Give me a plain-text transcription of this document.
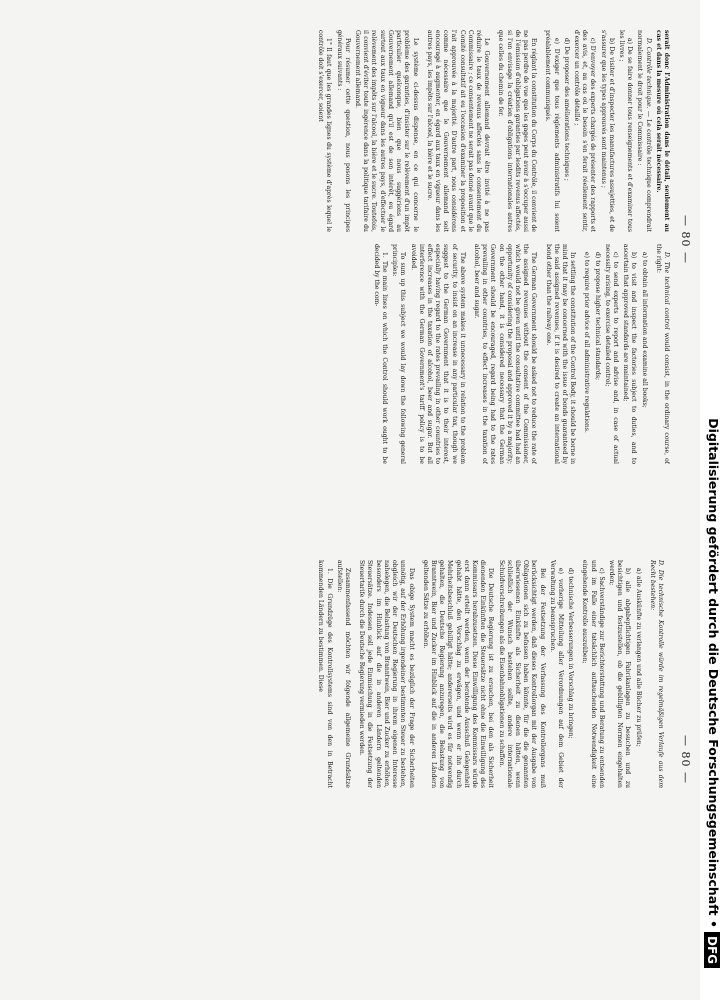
— 80 —
— 80 —

serait donc l'Administration dans le détail, seulement au cas et dans la mesure où cela serait nécessaire.

D. Contrôle technique. — Le contrôle technique comprendrait normalement le droit pour le Commissaire :

a) De se faire donner tous renseignements et d'examiner tous les livres ;

b) De visiter et d'inspecter les manufactures assujetties, et de s'assurer que les types approuvés sont maintenus ;

c) D'envoyer des experts chargés de présenter des rapports et des avis, et, au cas où le besoin s'en ferait réellement sentir, d'exercer un contrôle détaillé ;

d) De proposer des améliorations techniques ;

e) D'exiger que tous règlements administratifs lui soient préalablement communiqués.

En réglant la constitution du Corps du Contrôle, il convient de ne pas perdre de vue que les gages peut avoir à s'occuper aussi de l'émission d'obligations garanties par lesdits revenus affectés, si l'on envisage la création d'obligations internationales autres que celles du chemin de fer.

Le Gouvernement allemand devrait être invité à ne pas réduire le taux de revenus affectés sans le consentement du Commissaire ; ce consentement ne serait pas donné avant que le Comité consultatif ait eu l'occasion d'examiner la proposition et l'ait approuvée à la majorité. D'autre part, nous considérons comme nécessaire que le Gouvernement allemand soit encouragé à augmenter, en égard aux taux en vigueur dans les autres pays, les impôts sur l'alcool, la bière et le sucre.

Le système ci-dessus dispense, en ce qui concerne le problème des garanties, d'insister sur le relèvement d'un impôt particulier quelconque, bien que nous suggérions au Gouvernement allemand qu'il est de son intérêt, eu égard surtout aux taux en vigueur dans les autres pays, d'effectuer le relèvement des impôts sur l'alcool, la bière et le sucre. Toutefois, il convient d'éviter toute ingérence dans la politique tarifaire du Gouvernement allemand.

Pour résumer cette question, nous posons les principes généraux suivants :

1° Il faut que les grandes lignes du système d'après lequel le contrôle doit s'exercer, soient

D. The technical control would consist, in the ordinary course, of the right:

a) to obtain all information and examine all books;

b) to visit and inspect the factories subject to duties, and to ascertain that approved standards are maintained;

c) to send experts to report and advise and, in case of actual necessity arising, to exercise detailed control;

d) to propose higher technical standards;

e) to require prior advice of all administrative regulations.

In settling the constitution of the Control Body, it should be borne in mind that it may be concerned with the issue of bonds guaranteed by the said assigned revenues, if it is desired to create an international bond other than the railway one.

The German Government should be asked not to reduce the rate of the assigned revenues without the consent of the Commissioner, which would not be given until the consultative committee had had an opportunity of considering the proposal and approved it by a majority; on the other hand, it is considered necessary that the German Government should be encouraged, regard being had to the rates prevailing in other countries, to effect increases in the taxation of alcohol, beer and sugar.

The above system makes it unnecessary in relation to the problem of security, to insist on an increase in any particular tax, though we suggest to the German Government that it is to their interest, especially having regard to the rates prevailing in other countries to effect increases in the taxation of alcohol, beer and sugar. But all interference with the German Government's tariff policy is to be avoided.

To sum up this subject we would lay down the following general principles:

1. The main lines on which the Control should work ought to be decided by the com-

D. Die technische Kontrolle würde im regelmäßigen Verlaufe aus dem Recht bestehen:

a) alle Auskünfte zu verlangen und alle Bücher zu prüfen;

b) alle abgabepflichtigen Fabrikanlagen zu besuchen und zu besichtigen und festzustellen, ob die gebilligten Normen eingehalten werden;

c) Sachverständige zur Berichterstattung und Beratung zu entsenden und im Falle einer tatsächlich auftauchenden Notwendigkeit eine eingehende Kontrolle auszuüben;

d) technische Verbesserungen in Vorschlag zu bringen;

e) vorherige Mitteilung aller Verordnungen auf dem Gebiet der Verwaltung zu beanspruchen.

Bei der Festsetzung der Verfassung des Kontrollorgans muß berücksichtigt werden, daß dieses Kontrollorgan mit der Ausgabe von Obligationen sich zu befassen haben könnte, für die die genannten überwiesenen Einkünfte als Sicherheit zu dienen hätten, wenn schließlich der Wunsch bestehen sollte, andere internationale Schuldverschreibungen als die Eisenbahnobligationen zu schaffen.

Die Deutsche Regierung ist zu ersuchen, bei den als Sicherheit dienenden Einkünften die Steuersätze nicht ohne die Einwilligung des Kommissars herabzusetzen. Diese Einwilligung des Kommissars würde erst dann erteilt werden, wenn der beratende Ausschuß Gelegenheit gehabt hätte, den Vorschlag zu erwägen, und wenn er ihn durch Mehrheitsbeschluß gebilligt hätte; andererseits wird es für notwendig gehalten, die Deutsche Regierung anzuregen, die Belastung von Branntwein, Bier und Zucker im Hinblick auf die in anderen Ländern geltenden Sätze zu erhöhen.

Das obige System macht es bezüglich der Frage der Sicherheiten unnötig, auf der Erhöhung irgendeiner bestimmten Steuer zu bestehen, obgleich wir der Deutschen Regierung in ihrem eigenen Interesse nahelegen, die Belastung von Branntwein, Bier und Zucker zu erhöhen, besonders im Hinblick auf die in anderen Ländern geltenden Steuersätze. Indessen soll jede Einmischung in die Festsetzung der Steuertarife durch die Deutsche Regierung vermieden werden.

Zusammenfassend möchten wir folgende allgemeine Grundsätze aufstellen:

1. Die Grundzüge des Kontrollsystems sind von den in Betracht kommenden Ländern zu bestimmen. Diese	Digitalisierung gefördert durch die Deutsche Forschungsgemeinschaft •DFG
